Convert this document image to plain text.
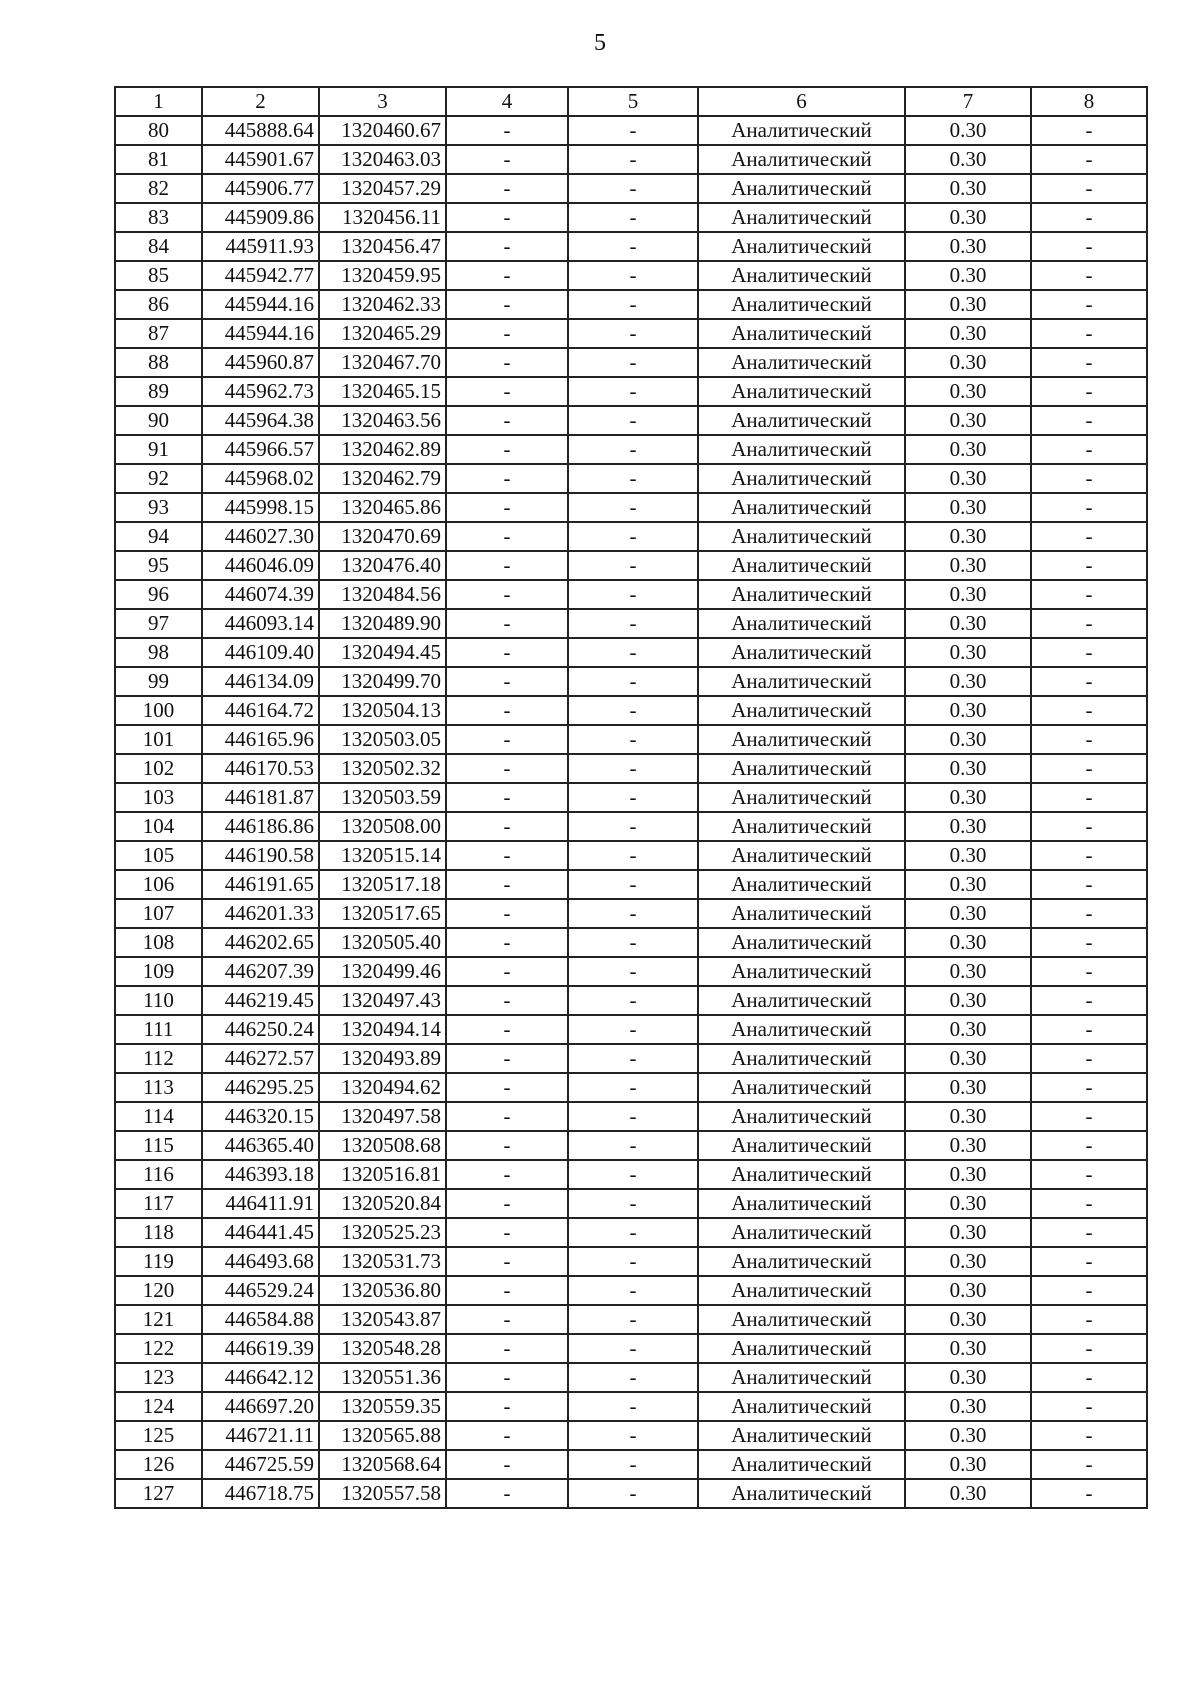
5
1	2	3	4	5	6	7	8
80	445888.64	1320460.67	-	-	Аналитический	0.30	-
81	445901.67	1320463.03	-	-	Аналитический	0.30	-
82	445906.77	1320457.29	-	-	Аналитический	0.30	-
83	445909.86	1320456.11	-	-	Аналитический	0.30	-
84	445911.93	1320456.47	-	-	Аналитический	0.30	-
85	445942.77	1320459.95	-	-	Аналитический	0.30	-
86	445944.16	1320462.33	-	-	Аналитический	0.30	-
87	445944.16	1320465.29	-	-	Аналитический	0.30	-
88	445960.87	1320467.70	-	-	Аналитический	0.30	-
89	445962.73	1320465.15	-	-	Аналитический	0.30	-
90	445964.38	1320463.56	-	-	Аналитический	0.30	-
91	445966.57	1320462.89	-	-	Аналитический	0.30	-
92	445968.02	1320462.79	-	-	Аналитический	0.30	-
93	445998.15	1320465.86	-	-	Аналитический	0.30	-
94	446027.30	1320470.69	-	-	Аналитический	0.30	-
95	446046.09	1320476.40	-	-	Аналитический	0.30	-
96	446074.39	1320484.56	-	-	Аналитический	0.30	-
97	446093.14	1320489.90	-	-	Аналитический	0.30	-
98	446109.40	1320494.45	-	-	Аналитический	0.30	-
99	446134.09	1320499.70	-	-	Аналитический	0.30	-
100	446164.72	1320504.13	-	-	Аналитический	0.30	-
101	446165.96	1320503.05	-	-	Аналитический	0.30	-
102	446170.53	1320502.32	-	-	Аналитический	0.30	-
103	446181.87	1320503.59	-	-	Аналитический	0.30	-
104	446186.86	1320508.00	-	-	Аналитический	0.30	-
105	446190.58	1320515.14	-	-	Аналитический	0.30	-
106	446191.65	1320517.18	-	-	Аналитический	0.30	-
107	446201.33	1320517.65	-	-	Аналитический	0.30	-
108	446202.65	1320505.40	-	-	Аналитический	0.30	-
109	446207.39	1320499.46	-	-	Аналитический	0.30	-
110	446219.45	1320497.43	-	-	Аналитический	0.30	-
111	446250.24	1320494.14	-	-	Аналитический	0.30	-
112	446272.57	1320493.89	-	-	Аналитический	0.30	-
113	446295.25	1320494.62	-	-	Аналитический	0.30	-
114	446320.15	1320497.58	-	-	Аналитический	0.30	-
115	446365.40	1320508.68	-	-	Аналитический	0.30	-
116	446393.18	1320516.81	-	-	Аналитический	0.30	-
117	446411.91	1320520.84	-	-	Аналитический	0.30	-
118	446441.45	1320525.23	-	-	Аналитический	0.30	-
119	446493.68	1320531.73	-	-	Аналитический	0.30	-
120	446529.24	1320536.80	-	-	Аналитический	0.30	-
121	446584.88	1320543.87	-	-	Аналитический	0.30	-
122	446619.39	1320548.28	-	-	Аналитический	0.30	-
123	446642.12	1320551.36	-	-	Аналитический	0.30	-
124	446697.20	1320559.35	-	-	Аналитический	0.30	-
125	446721.11	1320565.88	-	-	Аналитический	0.30	-
126	446725.59	1320568.64	-	-	Аналитический	0.30	-
127	446718.75	1320557.58	-	-	Аналитический	0.30	-
